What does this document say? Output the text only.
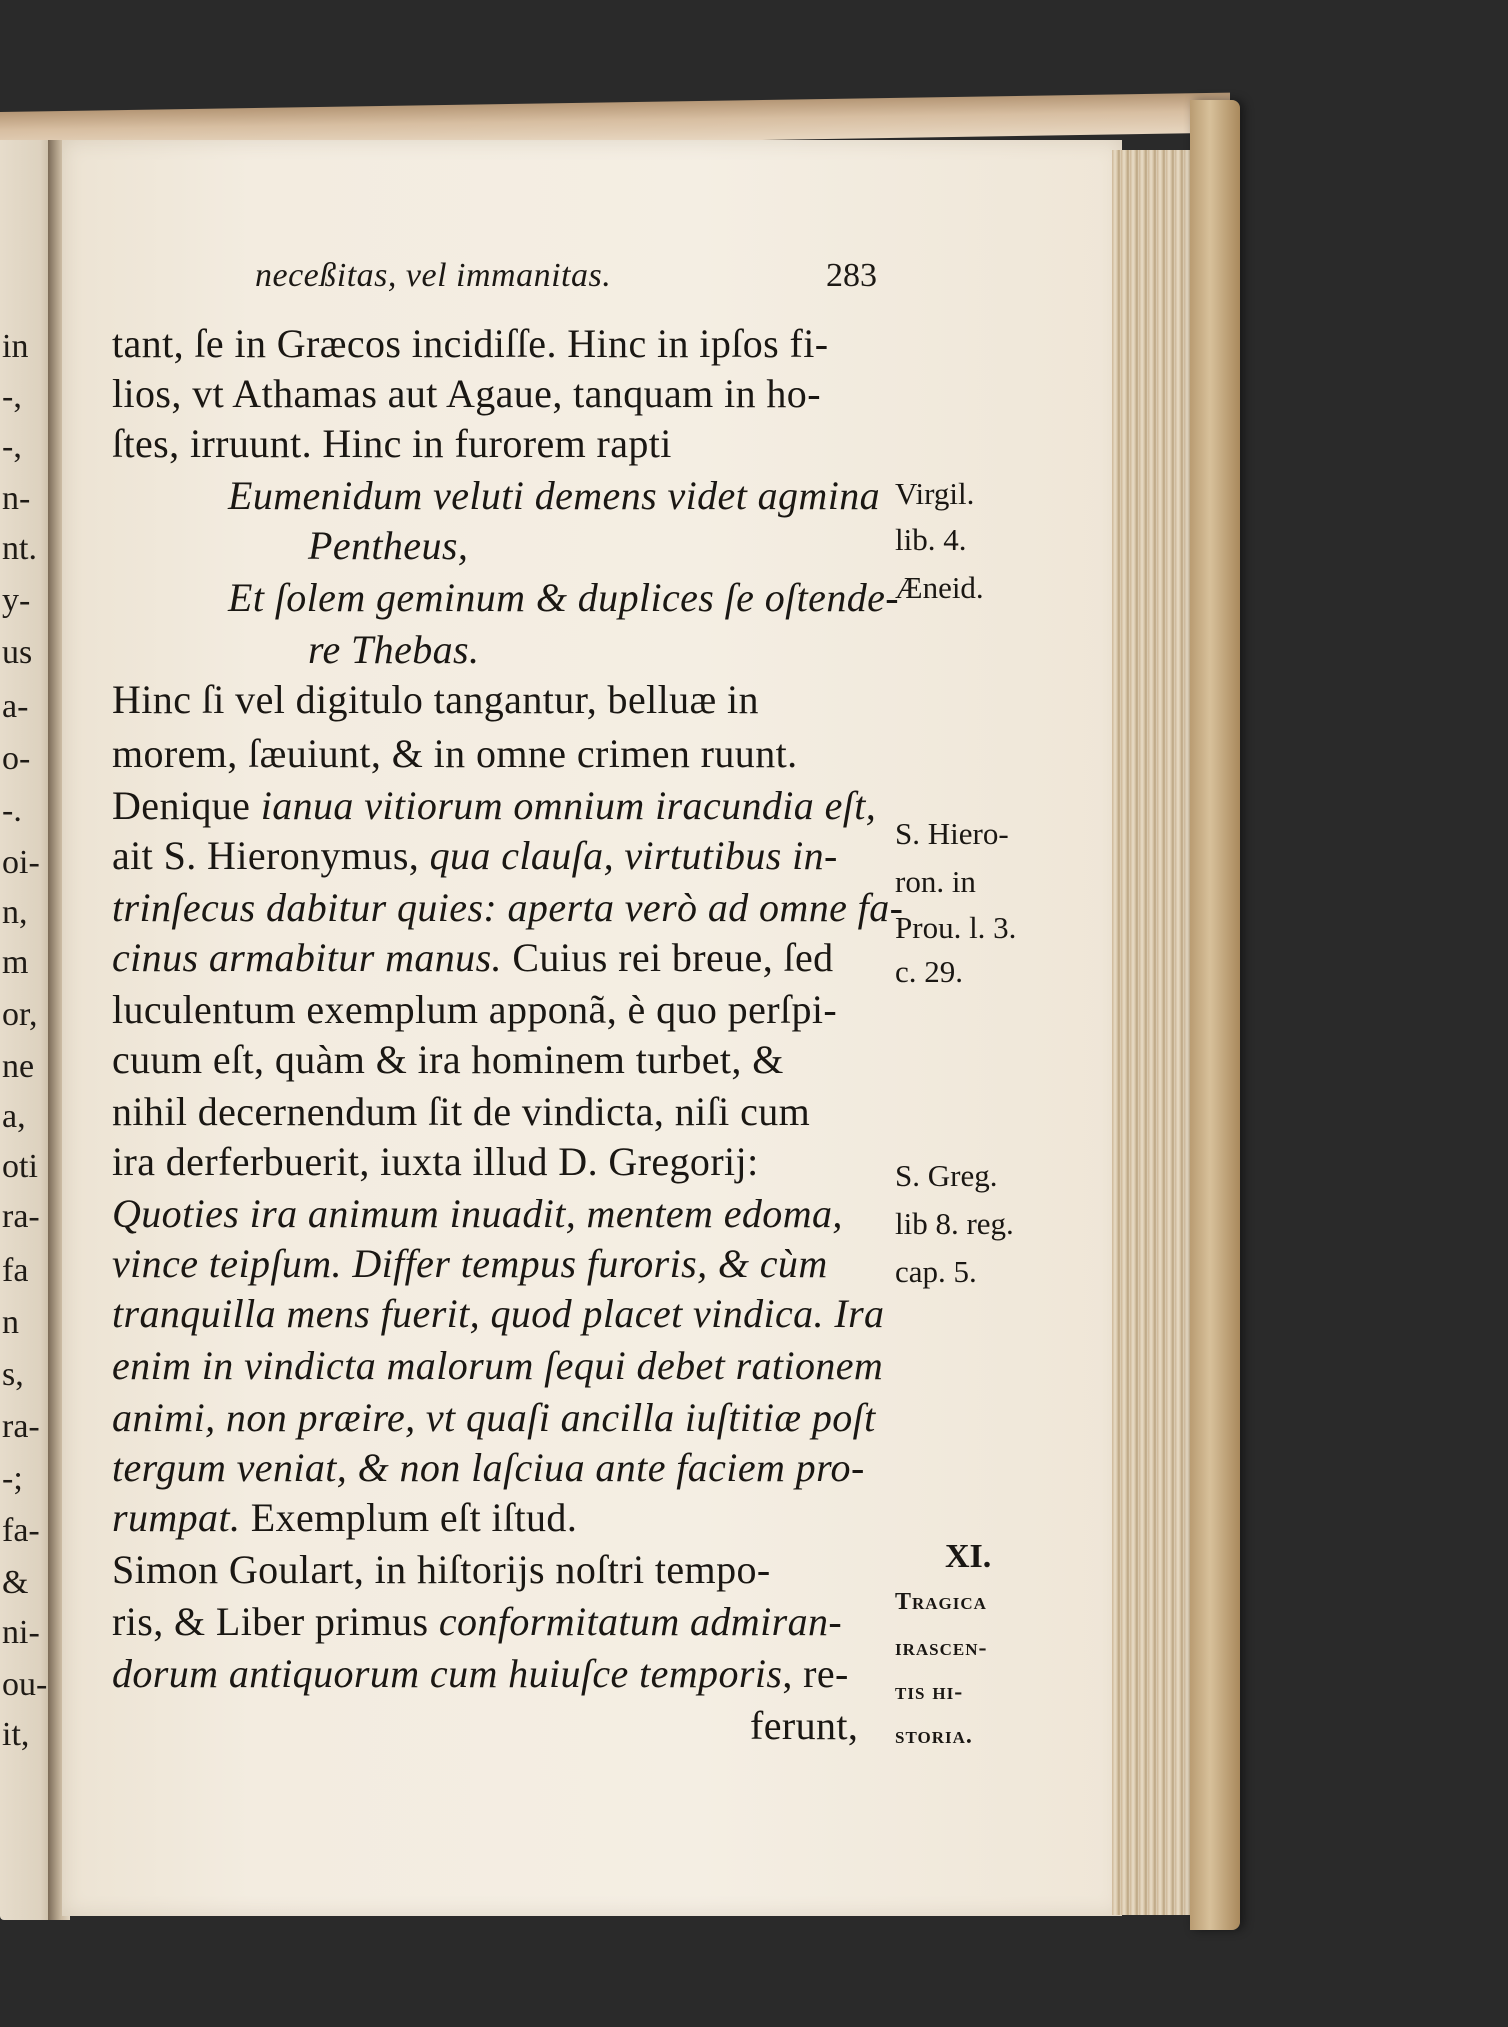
neceßitas, vel immanitas.	283
tant, ſe in Græcos incidiſſe. Hinc in ipſos fi-
lios, vt Athamas aut Agaue, tanquam in ho-
ſtes, irruunt. Hinc in furorem rapti
Eumenidum veluti demens videt agmina
Pentheus,
Et ſolem geminum & duplices ſe oſtende-
re Thebas.
Hinc ſi vel digitulo tangantur, belluæ in
morem, ſæuiunt, & in omne crimen ruunt.
Denique ianua vitiorum omnium iracundia eſt,
ait S. Hieronymus, qua clauſa, virtutibus in-
trinſecus dabitur quies: aperta verò ad omne fa-
cinus armabitur manus. Cuius rei breue, ſed
luculentum exemplum apponã, è quo perſpi-
cuum eſt, quàm & ira hominem turbet, &
nihil decernendum ſit de vindicta, niſi cum
ira derferbuerit, iuxta illud D. Gregorij:
Quoties ira animum inuadit, mentem edoma,
vince teipſum. Differ tempus furoris, & cùm
tranquilla mens fuerit, quod placet vindica. Ira
enim in vindicta malorum ſequi debet rationem
animi, non præire, vt quaſi ancilla iuſtitiæ poſt
tergum veniat, & non laſciua ante faciem pro-
rumpat. Exemplum eſt iſtud.
Simon Goulart, in hiſtorijs noſtri tempo-
ris, & Liber primus conformitatum admiran-
dorum antiquorum cum huiuſce temporis, re-
ferunt,
Virgil.
lib. 4.
Æneid.
S. Hiero-
ron. in
Prou. l. 3.
c. 29.
S. Greg.
lib 8. reg.
cap. 5.
XI.
Tragica
irascen-
tis hi-
storia.
in
-,
-,
n-
nt.
y-
us
a-
o-
-.
oi-
n,
m
or,
ne
a,
oti
ra-
fa
n
s,
ra-
-;
fa-
&
ni-
ou-
it,
